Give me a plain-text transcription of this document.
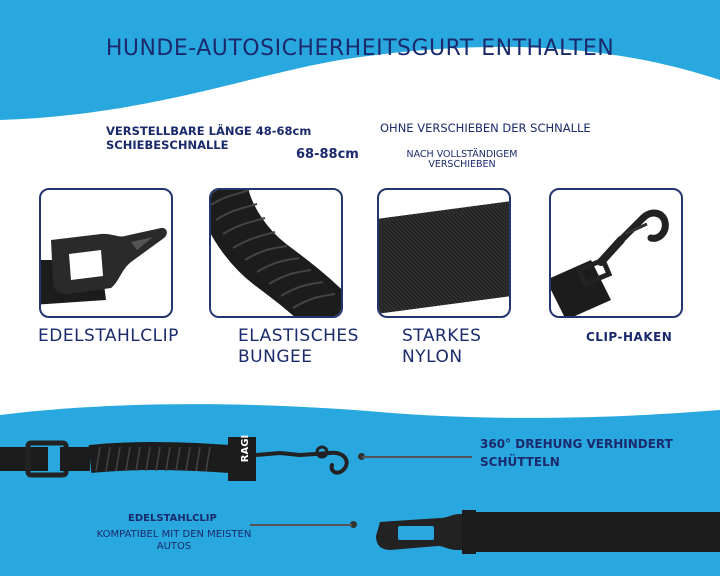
HUNDE-AUTOSICHERHEITSGURT ENTHALTEN
VERSTELLBARE LÄNGE 48-68cm
SCHIEBESCHNALLE
68-88cm
OHNE VERSCHIEBEN DER SCHNALLE
NACH VOLLSTÄNDIGEM
VERSCHIEBEN
EDELSTAHLCLIP	ELASTISCHES
BUNGEE
STARKES
NYLON
CLIP-HAKEN
RAGI	360° DREHUNG VERHINDERT
SCHÜTTELN
EDELSTAHLCLIP
KOMPATIBEL MIT DEN MEISTEN
AUTOS
